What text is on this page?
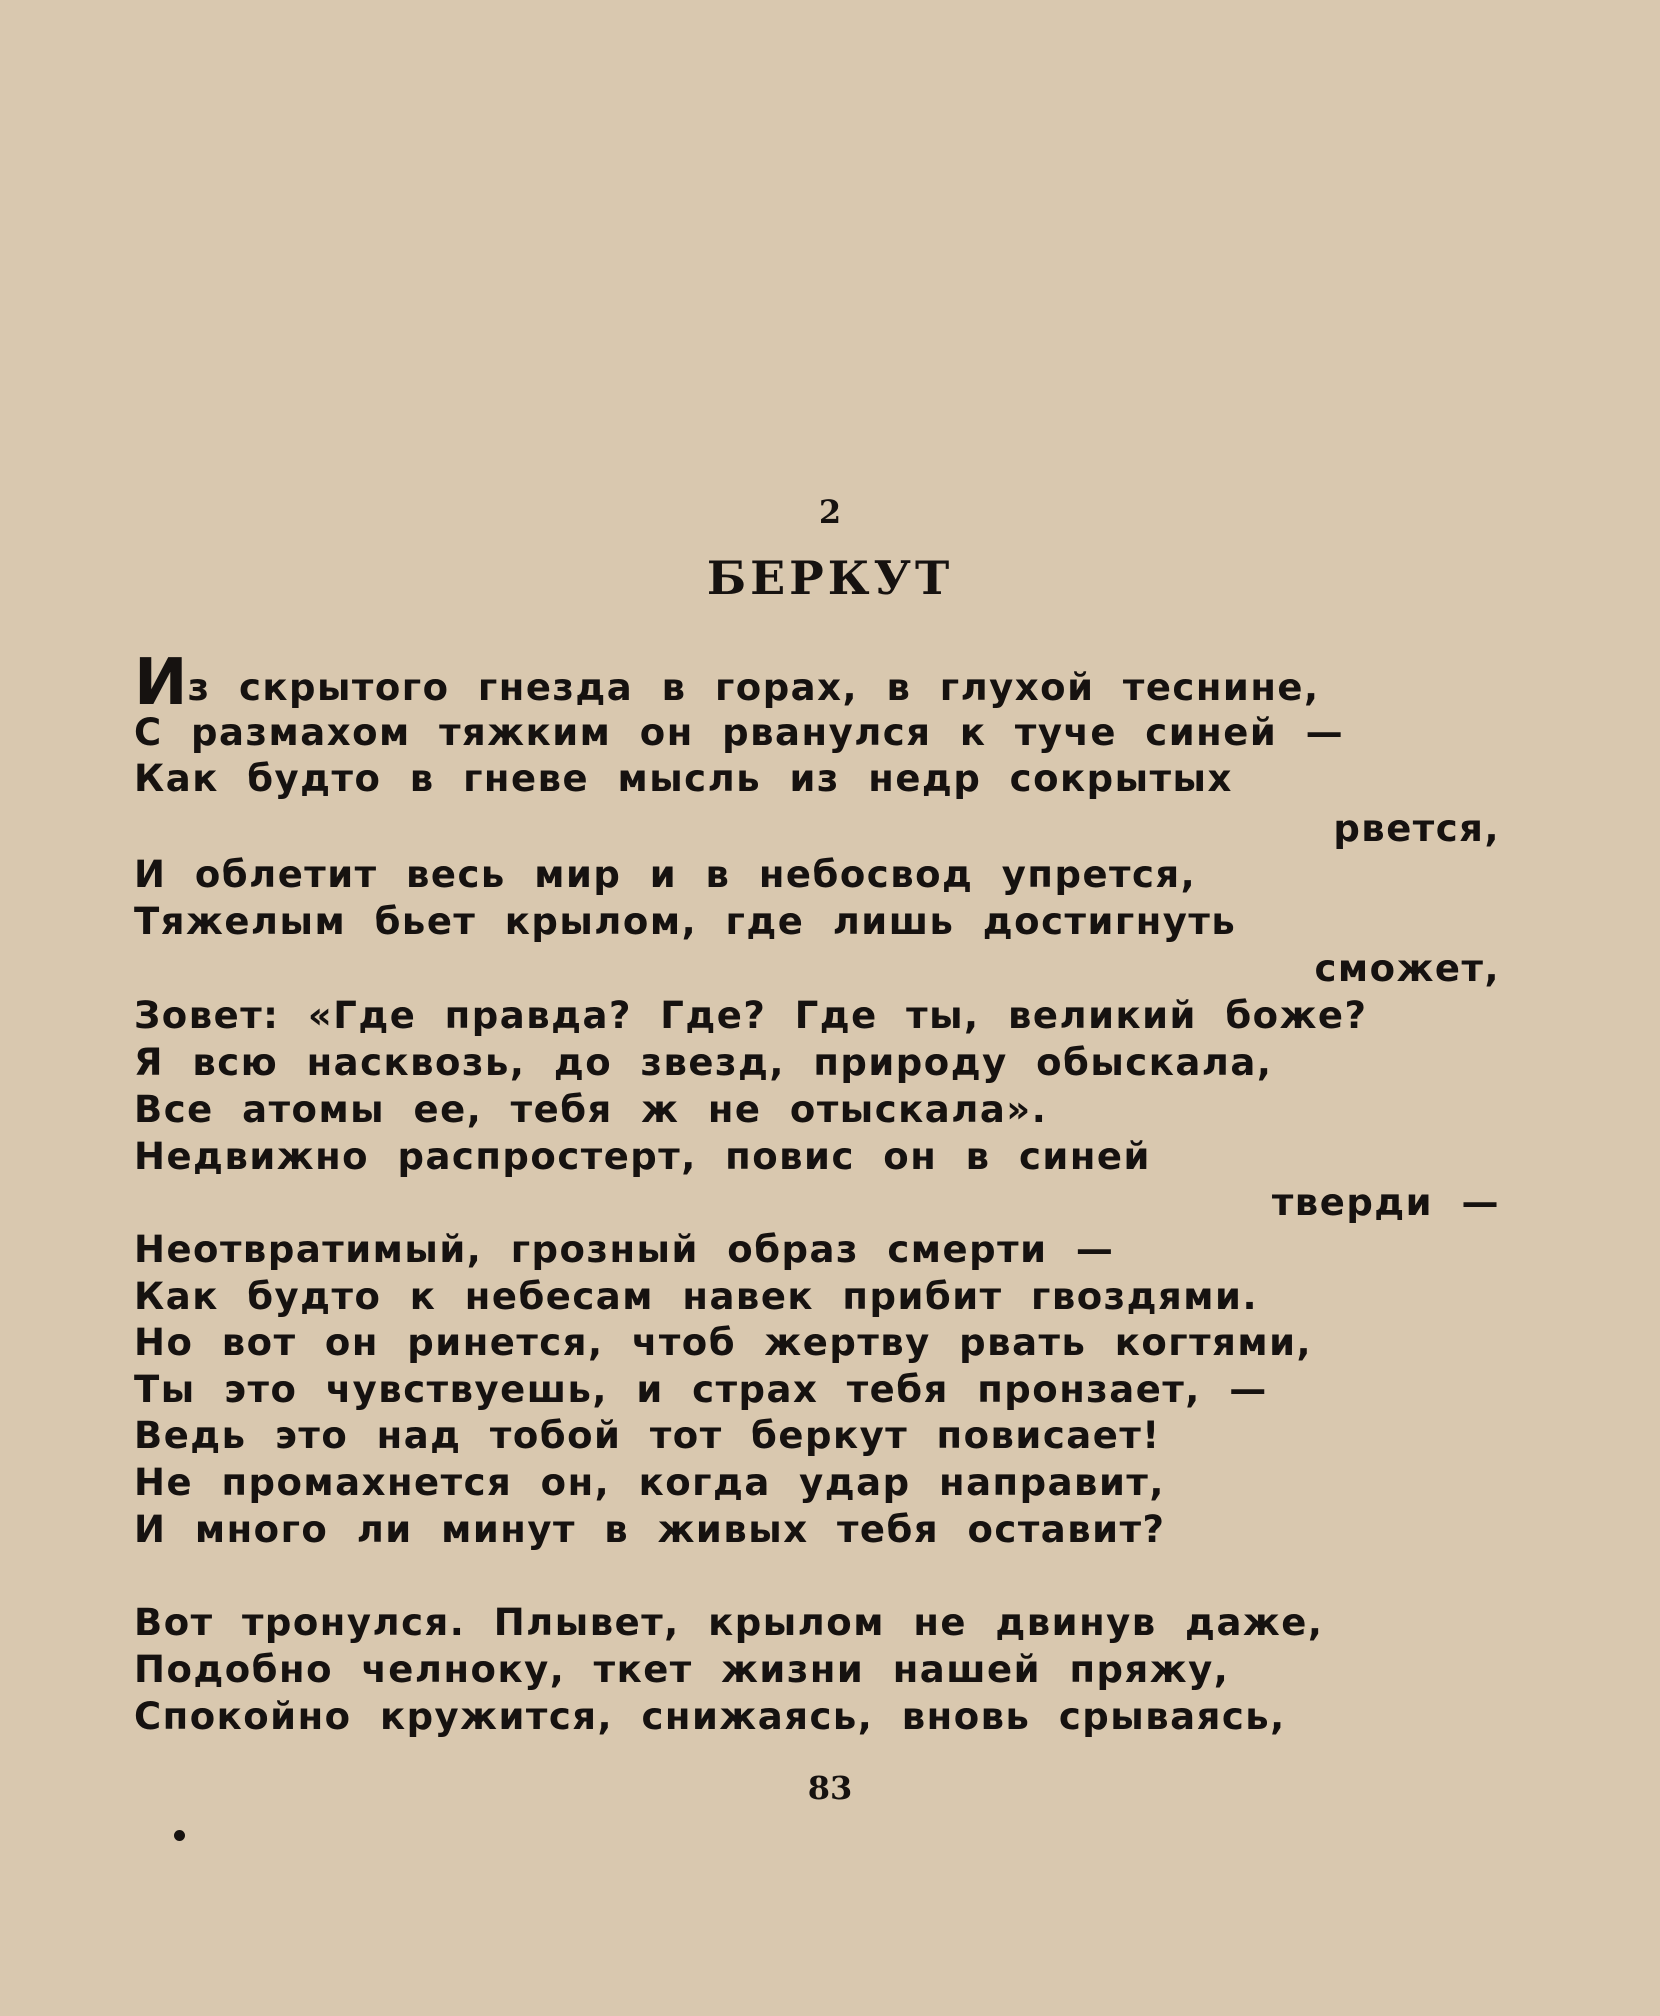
2
БЕРКУТ
Из скрытого гнезда в горах, в глухой теснине,
С размахом тяжким он рванулся к туче синей —
Как будто в гневе мысль из недр сокрытых
рвется,
И облетит весь мир и в небосвод упрется,
Тяжелым бьет крылом, где лишь достигнуть
сможет,
Зовет: «Где правда? Где? Где ты, великий боже?
Я всю насквозь, до звезд, природу обыскала,
Все атомы ее, тебя ж не отыскала».
Недвижно распростерт, повис он в синей
тверди —
Неотвратимый, грозный образ смерти —
Как будто к небесам навек прибит гвоздями.
Но вот он ринется, чтоб жертву рвать когтями,
Ты это чувствуешь, и страх тебя пронзает, —
Ведь это над тобой тот беркут повисает!
Не промахнется он, когда удар направит,
И много ли минут в живых тебя оставит?
Вот тронулся. Плывет, крылом не двинув даже,
Подобно челноку, ткет жизни нашей пряжу,
Спокойно кружится, снижаясь, вновь срываясь,
83
